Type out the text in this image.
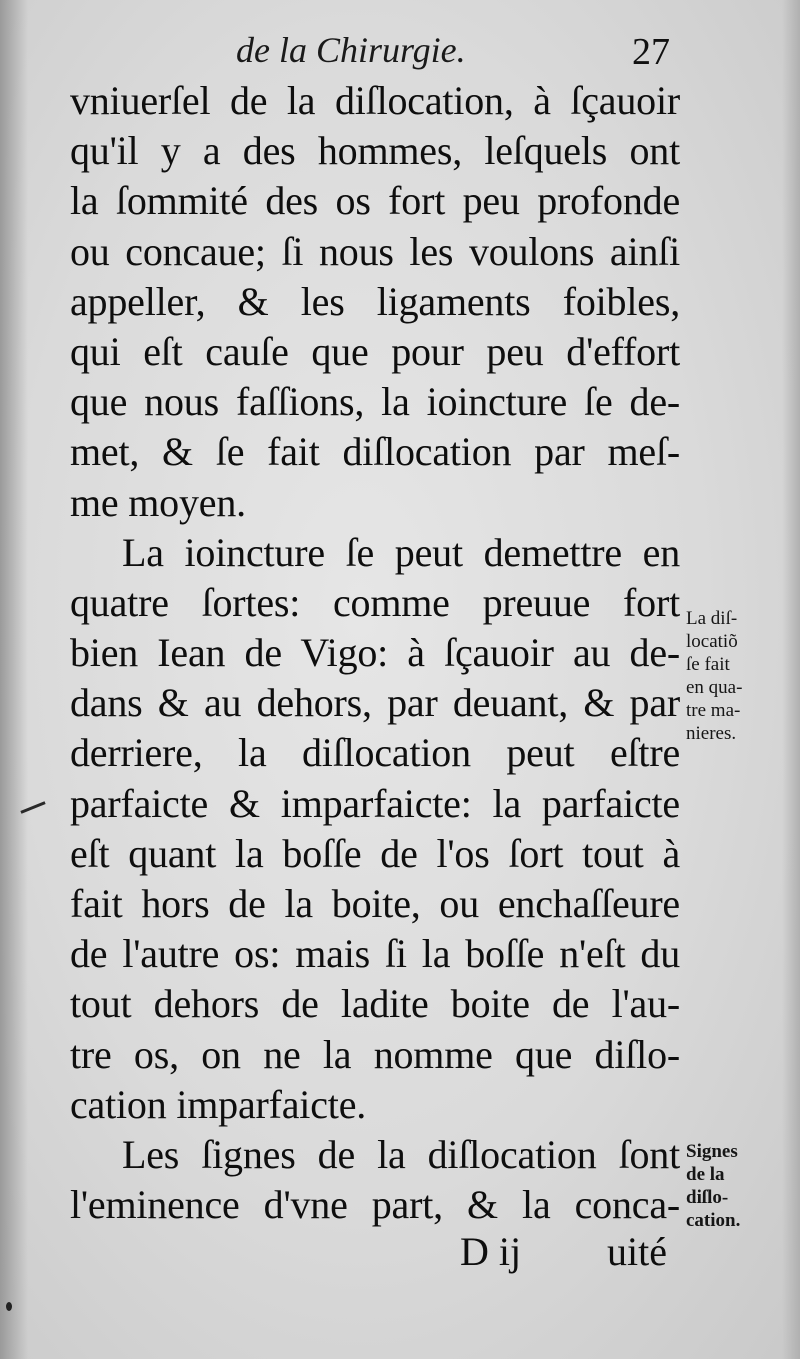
de la Chirurgie.	27
vniuerſel de la diſlocation, à ſçauoir
qu'il y a des hommes, leſquels ont
la ſommité des os fort peu profonde
ou concaue; ſi nous les voulons ainſi
appeller, & les ligaments foibles,
qui eſt cauſe que pour peu d'effort
que nous faſſions, la ioincture ſe de-
met, & ſe fait diſlocation par meſ-
me moyen.
La ioincture ſe peut demettre en
quatre ſortes: comme preuue fort
bien Iean de Vigo: à ſçauoir au de-
dans & au dehors, par deuant, & par
derriere, la diſlocation peut eſtre
parfaicte & imparfaicte: la parfaicte
eſt quant la boſſe de l'os ſort tout à
fait hors de la boite, ou enchaſſeure
de l'autre os: mais ſi la boſſe n'eſt du
tout dehors de ladite boite de l'au-
tre os, on ne la nomme que diſlo-
cation imparfaicte.
Les ſignes de la diſlocation ſont
l'eminence d'vne part, & la conca-
La diſ-
locatiõ
ſe fait
en qua-
tre ma-
nieres.
Signes
de la
diſlo-
cation.
D ij uité
